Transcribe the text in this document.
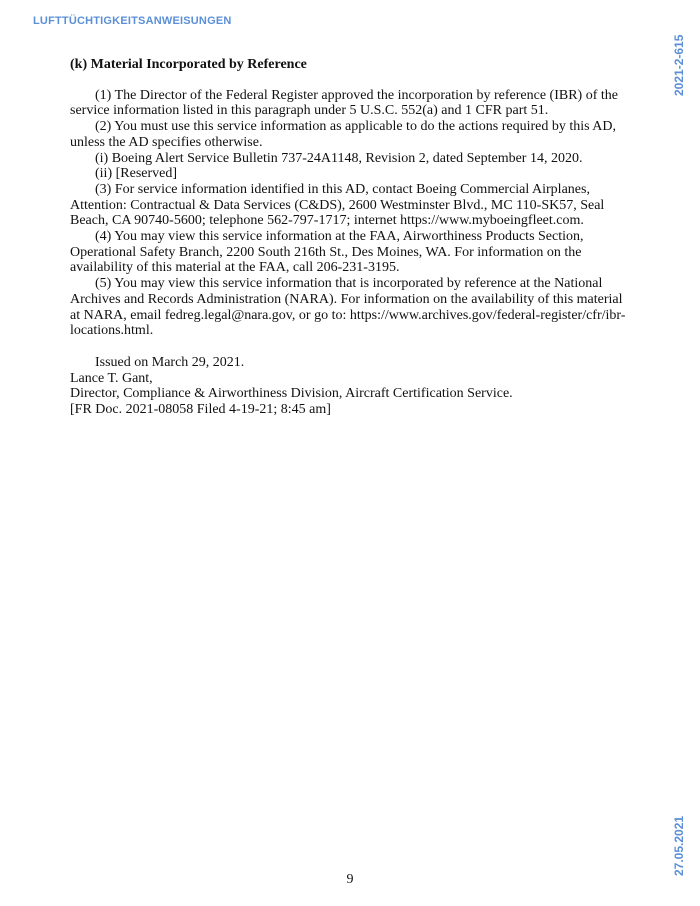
LUFTTÜCHTIGKEITSANWEISUNGEN
2021-2-615
27.05.2021

(k) Material Incorporated by Reference

(1) The Director of the Federal Register approved the incorporation by reference (IBR) of the service information listed in this paragraph under 5 U.S.C. 552(a) and 1 CFR part 51.

(2) You must use this service information as applicable to do the actions required by this AD, unless the AD specifies otherwise.

(i) Boeing Alert Service Bulletin 737-24A1148, Revision 2, dated September 14, 2020.

(ii) [Reserved]

(3) For service information identified in this AD, contact Boeing Commercial Airplanes, Attention: Contractual & Data Services (C&DS), 2600 Westminster Blvd., MC 110-SK57, Seal Beach, CA 90740-5600; telephone 562-797-1717; internet https://www.myboeingfleet.com.

(4) You may view this service information at the FAA, Airworthiness Products Section, Operational Safety Branch, 2200 South 216th St., Des Moines, WA. For information on the availability of this material at the FAA, call 206-231-3195.

(5) You may view this service information that is incorporated by reference at the National Archives and Records Administration (NARA). For information on the availability of this material at NARA, email fedreg.legal@nara.gov, or go to: https://www.archives.gov/federal-register/cfr/ibr-locations.html.

Issued on March 29, 2021.

Lance T. Gant,

Director, Compliance & Airworthiness Division, Aircraft Certification Service.

[FR Doc. 2021-08058 Filed 4-19-21; 8:45 am]

9
